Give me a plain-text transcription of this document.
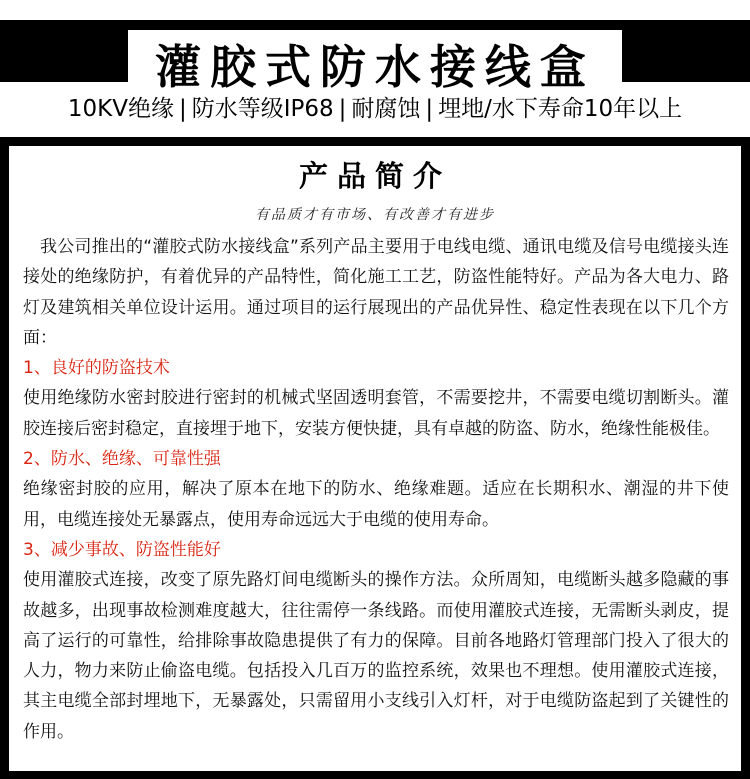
灌胶式防水接线盒
10KV绝缘 | 防水等级IP68 | 耐腐蚀 | 埋地/水下寿命10年以上
产品简介
有品质才有市场、有改善才有进步

我公司推出的“灌胶式防水接线盒”系列产品主要用于电线电缆、通讯电缆及信号电缆接头连接处的绝缘防护，有着优异的产品特性，简化施工工艺，防盗性能特好。产品为各大电力、路灯及建筑相关单位设计运用。通过项目的运行展现出的产品优异性、稳定性表现在以下几个方面：

1、良好的防盗技术

使用绝缘防水密封胶进行密封的机械式坚固透明套管，不需要挖井，不需要电缆切割断头。灌胶连接后密封稳定，直接埋于地下，安装方便快捷，具有卓越的防盗、防水，绝缘性能极佳。

2、防水、绝缘、可靠性强

绝缘密封胶的应用，解决了原本在地下的防水、绝缘难题。适应在长期积水、潮湿的井下使用，电缆连接处无暴露点，使用寿命远远大于电缆的使用寿命。

3、减少事故、防盗性能好

使用灌胶式连接，改变了原先路灯间电缆断头的操作方法。众所周知，电缆断头越多隐藏的事故越多，出现事故检测难度越大，往往需停一条线路。而使用灌胶式连接，无需断头剥皮，提高了运行的可靠性，给排除事故隐患提供了有力的保障。目前各地路灯管理部门投入了很大的人力，物力来防止偷盗电缆。包括投入几百万的监控系统，效果也不理想。使用灌胶式连接，其主电缆全部封埋地下，无暴露处，只需留用小支线引入灯杆，对于电缆防盗起到了关键性的作用。
